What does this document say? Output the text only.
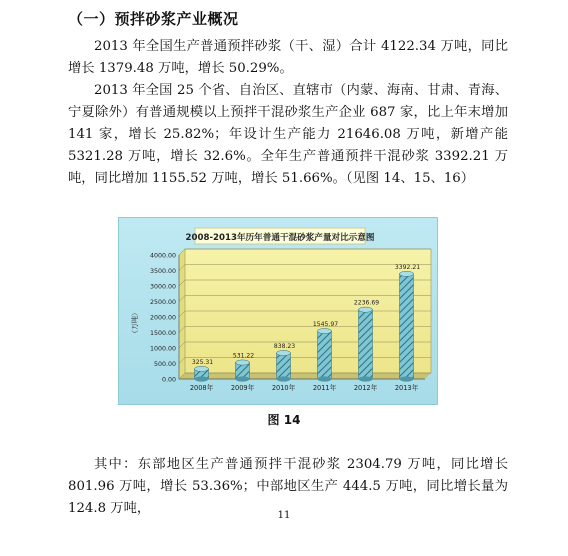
（一）预拌砂浆产业概况

2013 年全国生产普通预拌砂浆（干、湿）合计 4122.34 万吨，同比增长 1379.48 万吨，增长 50.29%。

2013 年全国 25 个省、自治区、直辖市（内蒙、海南、甘肃、青海、宁夏除外）有普通规模以上预拌干混砂浆生产企业 687 家，比上年末增加 141 家，增长 25.82%；年设计生产能力 21646.08 万吨，新增产能 5321.28 万吨，增长 32.6%。全年生产普通预拌干混砂浆 3392.21 万吨，同比增加 1155.52 万吨，增长 51.66%。（见图 14、15、16）

2008-2013年历年普通干混砂浆产量对比示意图
（万吨）
0.00
500.00
1000.00
1500.00
2000.00
2500.00
3000.00
3500.00
4000.00
325.31
2008年
531.22
2009年
838.23
2010年
1545.97
2011年
2236.69
2012年
3392.21
2013年
图 14

其中：东部地区生产普通预拌干混砂浆 2304.79 万吨，同比增长 801.96 万吨，增长 53.36%；中部地区生产 444.5 万吨，同比增长量为 124.8 万吨，	11
